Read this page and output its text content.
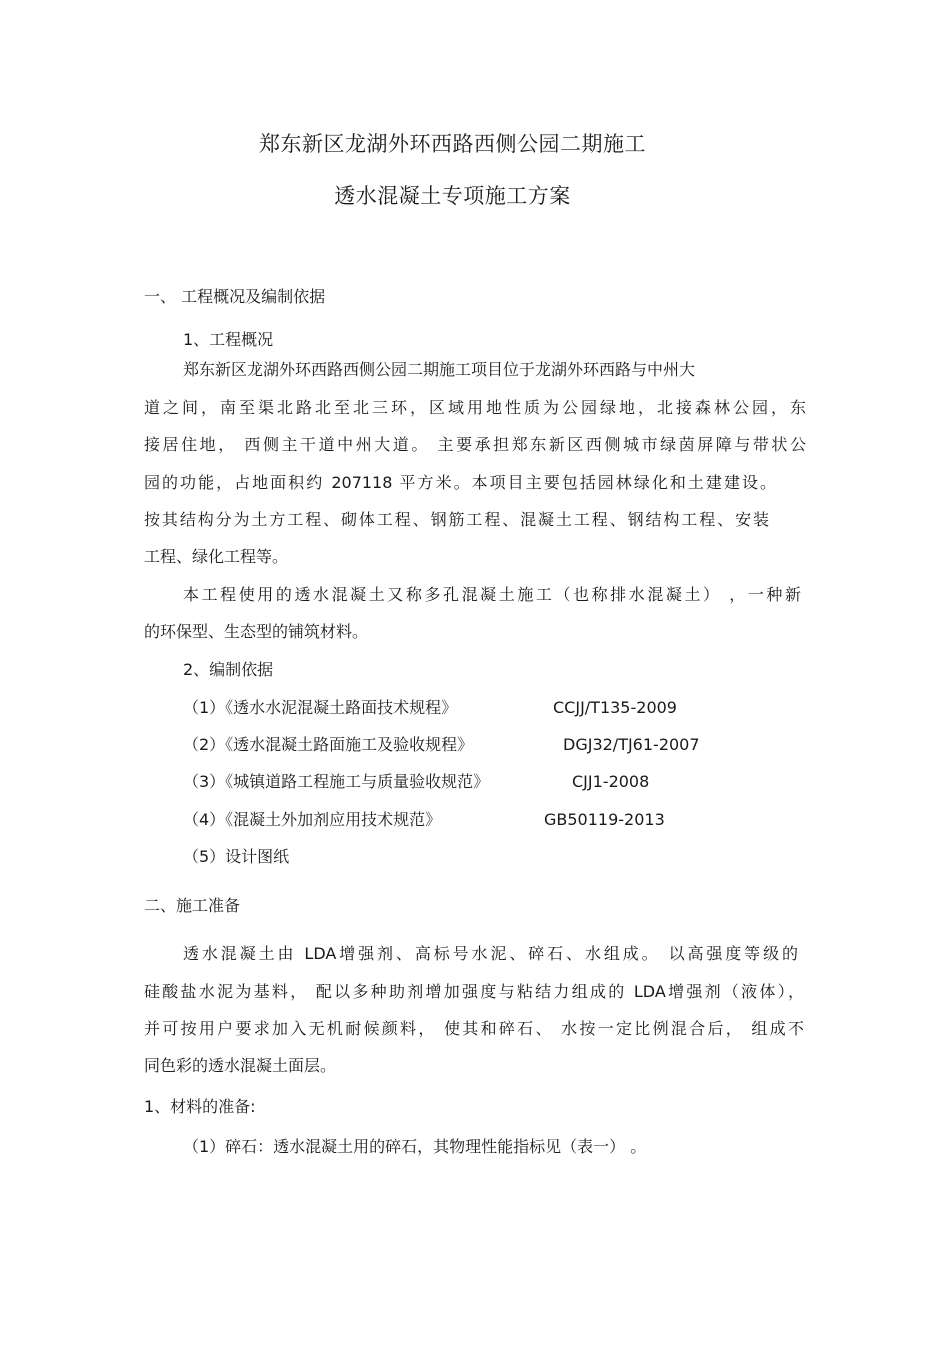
郑东新区龙湖外环西路西侧公园二期施工
透水混凝土专项施工方案
一、 工程概况及编制依据
1、工程概况
郑东新区龙湖外环西路西侧公园二期施工项目位于龙湖外环西路与中州大
道之间，南至渠北路北至北三环，区域用地性质为公园绿地，北接森林公园，东
接居住地， 西侧主干道中州大道。 主要承担郑东新区西侧城市绿茵屏障与带状公
园的功能，占地面积约 207118 平方米。本项目主要包括园林绿化和土建建设。
按其结构分为土方工程、砌体工程、钢筋工程、混凝土工程、钢结构工程、安装
工程、绿化工程等。
本工程使用的透水混凝土又称多孔混凝土施工（也称排水混凝土） ，一种新
的环保型、生态型的铺筑材料。
2、编制依据
（1）《透水水泥混凝土路面技术规程》	CCJJ/T135-2009
（2）《透水混凝土路面施工及验收规程》	DGJ32/TJ61-2007
（3）《城镇道路工程施工与质量验收规范》	CJJ1-2008
（4）《混凝土外加剂应用技术规范》	GB50119-2013
（5）设计图纸
二、施工准备
透水混凝土由 LDA增强剂、高标号水泥、碎石、水组成。 以高强度等级的
硅酸盐水泥为基料， 配以多种助剂增加强度与粘结力组成的 LDA增强剂（液体），
并可按用户要求加入无机耐候颜料， 使其和碎石、 水按一定比例混合后， 组成不
同色彩的透水混凝土面层。
1、材料的准备:
（1）碎石：透水混凝土用的碎石，其物理性能指标见（表一） 。
